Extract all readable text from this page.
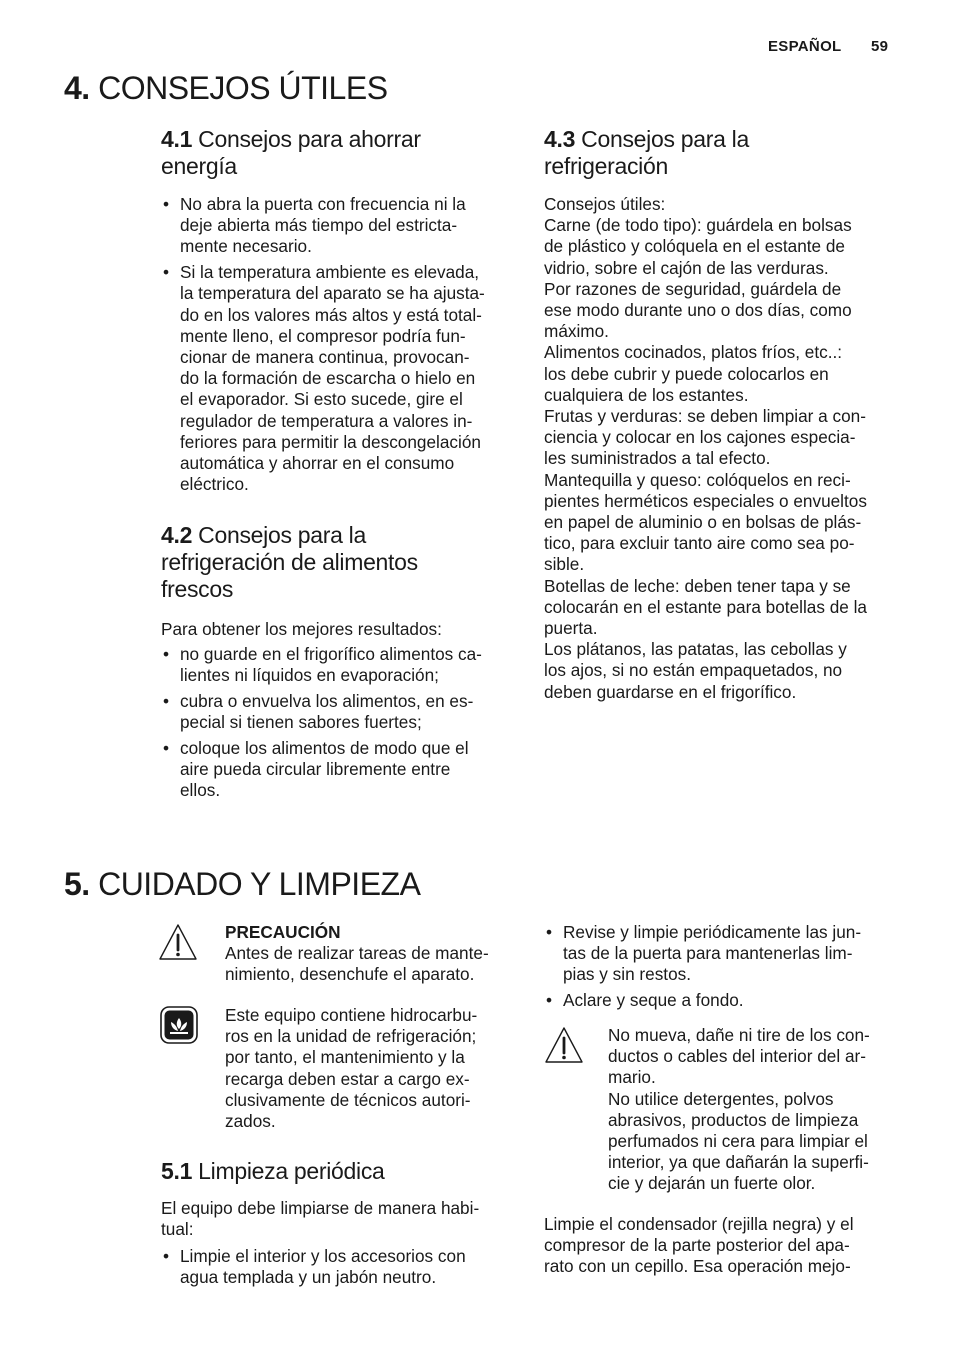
ESPAÑOL 59
4. CONSEJOS ÚTILES
4.1 Consejos para ahorrar
energía
• No abra la puerta con frecuencia ni la
deje abierta más tiempo del estricta-
mente necesario.
• Si la temperatura ambiente es elevada,
la temperatura del aparato se ha ajusta-
do en los valores más altos y está total-
mente lleno, el compresor podría fun-
cionar de manera continua, provocan-
do la formación de escarcha o hielo en
el evaporador. Si esto sucede, gire el
regulador de temperatura a valores in-
feriores para permitir la descongelación
automática y ahorrar en el consumo
eléctrico.
4.2 Consejos para la
refrigeración de alimentos
frescos
Para obtener los mejores resultados:
• no guarde en el frigorífico alimentos ca-
lientes ni líquidos en evaporación;
• cubra o envuelva los alimentos, en es-
pecial si tienen sabores fuertes;
• coloque los alimentos de modo que el
aire pueda circular libremente entre
ellos.
4.3 Consejos para la
refrigeración
Consejos útiles:
Carne (de todo tipo): guárdela en bolsas
de plástico y colóquela en el estante de
vidrio, sobre el cajón de las verduras.
Por razones de seguridad, guárdela de
ese modo durante uno o dos días, como
máximo.
Alimentos cocinados, platos fríos, etc..:
los debe cubrir y puede colocarlos en
cualquiera de los estantes.
Frutas y verduras: se deben limpiar a con-
ciencia y colocar en los cajones especia-
les suministrados a tal efecto.
Mantequilla y queso: colóquelos en reci-
pientes herméticos especiales o envueltos
en papel de aluminio o en bolsas de plás-
tico, para excluir tanto aire como sea po-
sible.
Botellas de leche: deben tener tapa y se
colocarán en el estante para botellas de la
puerta.
Los plátanos, las patatas, las cebollas y
los ajos, si no están empaquetados, no
deben guardarse en el frigorífico.
5. CUIDADO Y LIMPIEZA
PRECAUCIÓN
Antes de realizar tareas de mante-
nimiento, desenchufe el aparato.
Este equipo contiene hidrocarbu-
ros en la unidad de refrigeración;
por tanto, el mantenimiento y la
recarga deben estar a cargo ex-
clusivamente de técnicos autori-
zados.
5.1 Limpieza periódica
El equipo debe limpiarse de manera habi-
tual:
• Limpie el interior y los accesorios con
agua templada y un jabón neutro.
• Revise y limpie periódicamente las jun-
tas de la puerta para mantenerlas lim-
pias y sin restos.
• Aclare y seque a fondo.
No mueva, dañe ni tire de los con-
ductos o cables del interior del ar-
mario.
No utilice detergentes, polvos
abrasivos, productos de limpieza
perfumados ni cera para limpiar el
interior, ya que dañarán la superfi-
cie y dejarán un fuerte olor.
Limpie el condensador (rejilla negra) y el
compresor de la parte posterior del apa-
rato con un cepillo. Esa operación mejo-
